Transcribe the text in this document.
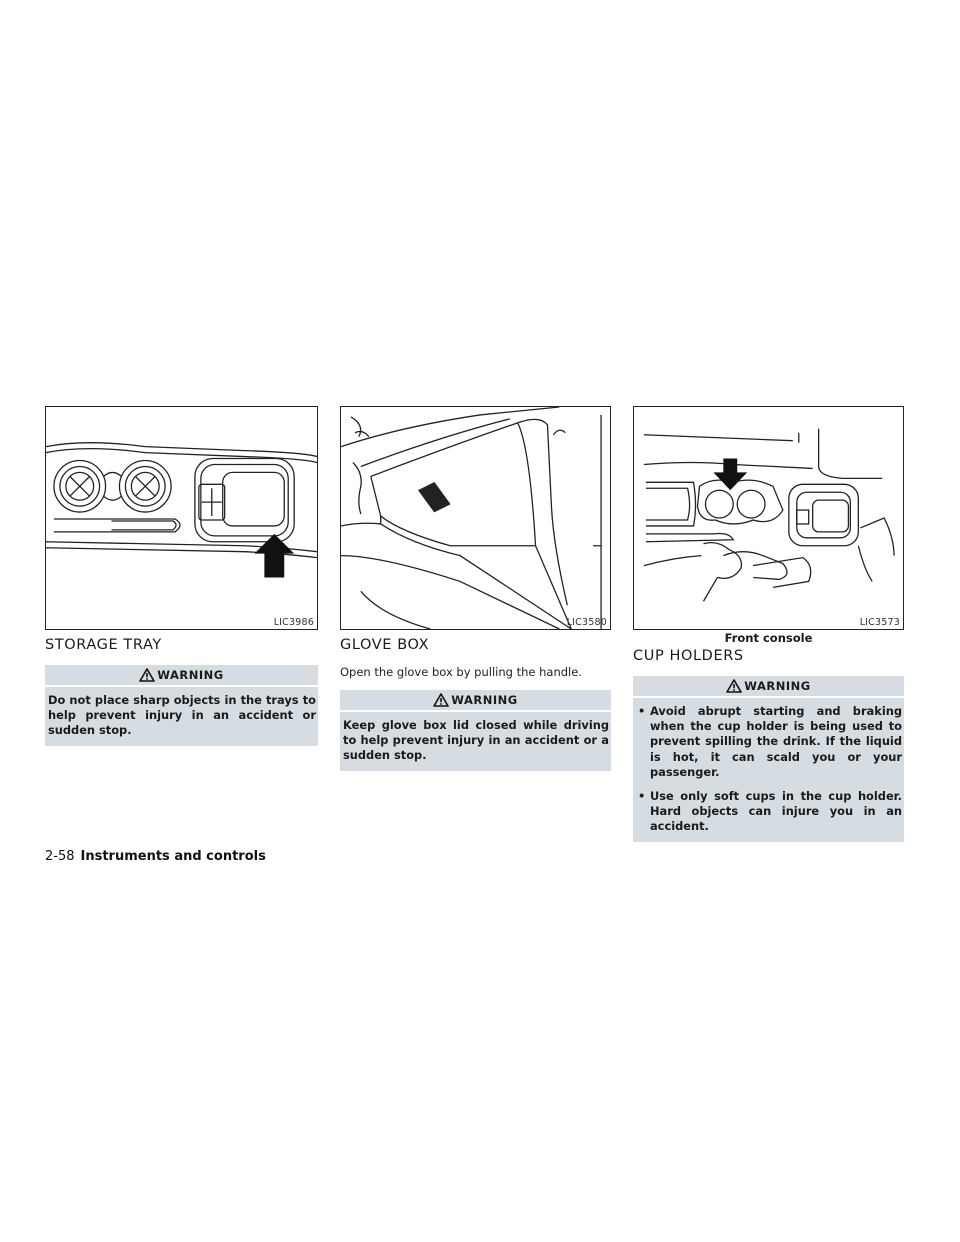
LIC3986
STORAGE TRAY
WARNING

Do not place sharp objects in the trays to help prevent injury in an accident or sudden stop.

LIC3580
GLOVE BOX
Open the glove box by pulling the handle.
WARNING

Keep glove box lid closed while driving to help prevent injury in an accident or a sudden stop.

LIC3573
Front console
CUP HOLDERS
WARNING
• Avoid abrupt starting and braking when the cup holder is being used to prevent spilling the drink. If the liquid is hot, it can scald you or your passenger.
• Use only soft cups in the cup holder. Hard objects can injure you in an accident.
2-58 Instruments and controls
